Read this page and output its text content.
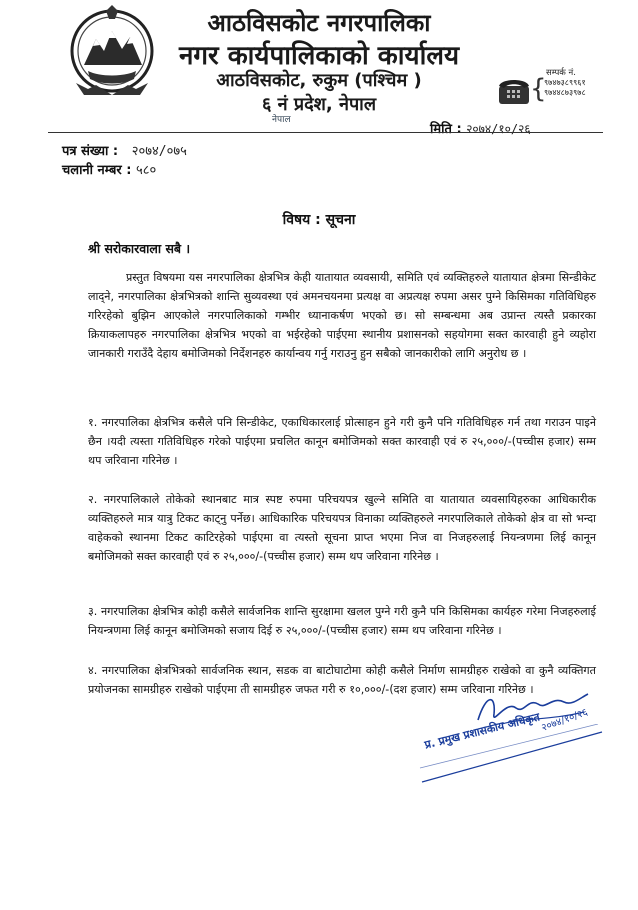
आठविसकोट नगरपालिका
नगर कार्यपालिकाको कार्यालय
आठविसकोट, रुकुम (पश्चिम )
६ नं प्रदेश, नेपाल
नेपाल
{
सम्पर्क नं.
९७४७३८९९६१
९७४४८७३९७८
मिति : २०७४/१०/२६
पत्र संख्या : २०७४/०७५
चलानी नम्बर : ५८०
विषय : सूचना
श्री सरोकारवाला सबै ।
प्रस्तुत विषयमा यस नगरपालिका क्षेत्रभित्र केही यातायात व्यवसायी, समिति एवं व्यक्तिहरुले यातायात क्षेत्रमा सिन्डीकेट लाद्ने, नगरपालिका क्षेत्रभित्रको शान्ति सुव्यवस्था एवं अमनचयनमा प्रत्यक्ष वा अप्रत्यक्ष रुपमा असर पुग्ने किसिमका गतिविधिहरु गरिरहेको बुझिन आएकोले नगरपालिकाको गम्भीर ध्यानाकर्षण भएको छ। सो सम्बन्धमा अब उप्रान्त त्यस्तै प्रकारका क्रियाकलापहरु नगरपालिका क्षेत्रभित्र भएको वा भईरहेको पाईएमा स्थानीय प्रशासनको सहयोगमा सक्त कारवाही हुने व्यहोरा जानकारी गराउँदै देहाय बमोजिमको निर्देशनहरु कार्यान्वय गर्नु गराउनु हुन सबैको जानकारीको लागि अनुरोध छ ।
१. नगरपालिका क्षेत्रभित्र कसैले पनि सिन्डीकेट, एकाधिकारलाई प्रोत्साहन हुने गरी कुनै पनि गतिविधिहरु गर्न तथा गराउन पाइने छैन ।यदी त्यस्ता गतिविधिहरु गरेको पाईएमा प्रचलित कानून बमोजिमको सक्त कारवाही एवं रु २५,०००/-(पच्चीस हजार) सम्म थप जरिवाना गरिनेछ ।
२. नगरपालिकाले तोकेको स्थानबाट मात्र स्पष्ट रुपमा परिचयपत्र खुल्ने समिति वा यातायात व्यवसायिहरुका आधिकारीक व्यक्तिहरुले मात्र यात्रु टिकट काट्नु पर्नेछ। आधिकारिक परिचयपत्र विनाका व्यक्तिहरुले नगरपालिकाले तोकेको क्षेत्र वा सो भन्दा वाहेकको स्थानमा टिकट काटिरहेको पाईएमा वा त्यस्तो सूचना प्राप्त भएमा निज वा निजहरुलाई नियन्त्रणमा लिई कानून बमोजिमको सक्त कारवाही एवं रु २५,०००/-(पच्चीस हजार) सम्म थप जरिवाना गरिनेछ ।
३. नगरपालिका क्षेत्रभित्र कोही कसैले सार्वजनिक शान्ति सुरक्षामा खलल पुग्ने गरी कुनै पनि किसिमका कार्यहरु गरेमा निजहरुलाई नियन्त्रणमा लिई कानून बमोजिमको सजाय दिई रु २५,०००/-(पच्चीस हजार) सम्म थप जरिवाना गरिनेछ ।
४. नगरपालिका क्षेत्रभित्रको सार्वजनिक स्थान, सडक वा बाटोघाटोमा कोही कसैले निर्माण सामग्रीहरु राखेको वा कुनै व्यक्तिगत प्रयोजनका सामग्रीहरु राखेको पाईएमा ती सामग्रीहरु जफत गरी रु १०,०००/-(दश हजार) सम्म जरिवाना गरिनेछ ।
प्र. प्रमुख प्रशासकीय अधिकृत २०७४/१०/२६
